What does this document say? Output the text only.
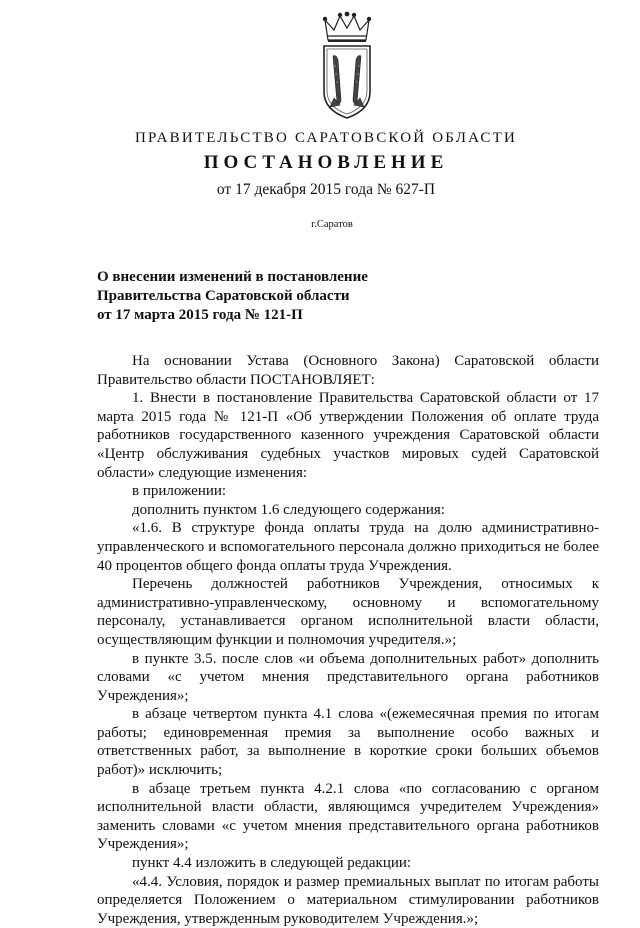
ПРАВИТЕЛЬСТВО САРАТОВСКОЙ ОБЛАСТИ
ПОСТАНОВЛЕНИЕ
от 17 декабря 2015 года № 627-П
г.Саратов
О внесении изменений в постановление
Правительства Саратовской области
от 17 марта 2015 года № 121-П

На основании Устава (Основного Закона) Саратовской области Правительство области ПОСТАНОВЛЯЕТ:

1. Внести в постановление Правительства Саратовской области от 17 марта 2015 года № 121-П «Об утверждении Положения об оплате труда работников государственного казенного учреждения Саратовской области «Центр обслуживания судебных участков мировых судей Саратовской области» следующие изменения:

в приложении:

дополнить пунктом 1.6 следующего содержания:

«1.6. В структуре фонда оплаты труда на долю административно-управленческого и вспомогательного персонала должно приходиться не более 40 процентов общего фонда оплаты труда Учреждения.

Перечень должностей работников Учреждения, относимых к административно-управленческому, основному и вспомогательному персоналу, устанавливается органом исполнительной власти области, осуществляющим функции и полномочия учредителя.»;

в пункте 3.5. после слов «и объема дополнительных работ» дополнить словами «с учетом мнения представительного органа работников Учреждения»;

в абзаце четвертом пункта 4.1 слова «(ежемесячная премия по итогам работы; единовременная премия за выполнение особо важных и ответственных работ, за выполнение в короткие сроки больших объемов работ)» исключить;

в абзаце третьем пункта 4.2.1 слова «по согласованию с органом исполнительной власти области, являющимся учредителем Учреждения» заменить словами «с учетом мнения представительного органа работников Учреждения»;

пункт 4.4 изложить в следующей редакции:

«4.4. Условия, порядок и размер премиальных выплат по итогам работы определяется Положением о материальном стимулировании работников Учреждения, утвержденным руководителем Учреждения.»;
